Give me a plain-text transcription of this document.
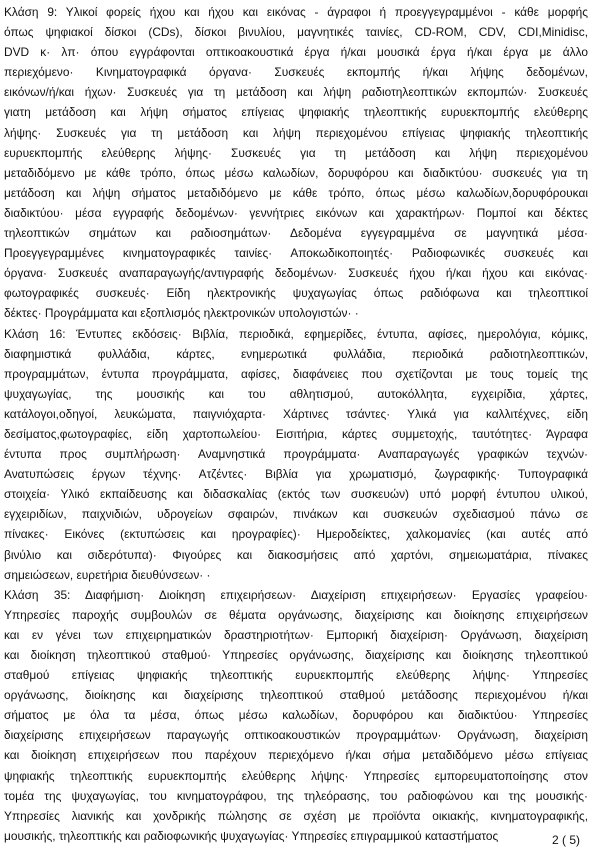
Κλάση 9: Υλικοί φορείς ήχου και ήχου και εικόνας - άγραφοι ή προεγγεγραμμένοι - κάθε μορφής
όπως ψηφιακοί δίσκοι (CDs), δίσκοι βινυλίου, μαγνητικές ταινίες, CD-ROM, CDV, CDI,Minidisc,
DVD κ· λπ· όπου εγγράφονται οπτικοακουστικά έργα ή/και μουσικά έργα ή/και έργα με άλλο
περιεχόμενο· Κινηματογραφικά όργανα· Συσκευές εκπομπής ή/και λήψης δεδομένων,
εικόνων/ή/και ήχων· Συσκευές για τη μετάδοση και λήψη ραδιοτηλεοπτικών εκπομπών· Συσκευές
γιατη μετάδοση και λήψη σήματος επίγειας ψηφιακής τηλεοπτικής ευρυεκπομπής ελεύθερης
λήψης· Συσκευές για τη μετάδοση και λήψη περιεχομένου επίγειας ψηφιακής τηλεοπτικής
ευρυεκπομπής ελεύθερης λήψης· Συσκευές για τη μετάδοση και λήψη περιεχομένου
μεταδιδόμενο με κάθε τρόπο, όπως μέσω καλωδίων, δορυφόρου και διαδικτύου· συσκευές για τη
μετάδοση και λήψη σήματος μεταδιδόμενο με κάθε τρόπο, όπως μέσω καλωδίων,δορυφόρουκαι
διαδικτύου· μέσα εγγραφής δεδομένων· γεννήτριες εικόνων και χαρακτήρων· Πομποί και δέκτες
τηλεοπτικών σημάτων και ραδιοσημάτων· Δεδομένα εγγεγραμμένα σε μαγνητικά μέσα·
Προεγγεγραμμένες κινηματογραφικές ταινίες· Αποκωδικοποιητές· Ραδιοφωνικές συσκευές και
όργανα· Συσκευές αναπαραγωγής/αντιγραφής δεδομένων· Συσκευές ήχου ή/και ήχου και εικόνας·
φωτογραφικές συσκευές· Είδη ηλεκτρονικής ψυχαγωγίας όπως ραδιόφωνα και τηλεοπτικοί
δέκτες· Προγράμματα και εξοπλισμός ηλεκτρονικών υπολογιστών· ·
Κλάση 16: Έντυπες εκδόσεις· Βιβλία, περιοδικά, εφημερίδες, έντυπα, αφίσες, ημερολόγια, κόμικς,
διαφημιστικά φυλλάδια, κάρτες, ενημερωτικά φυλλάδια, περιοδικά ραδιοτηλεοπτικών,
προγραμμάτων, έντυπα προγράμματα, αφίσες, διαφάνειες που σχετίζονται με τους τομείς της
ψυχαγωγίας, της μουσικής και του αθλητισμού, αυτοκόλλητα, εγχειρίδια, χάρτες,
κατάλογοι,οδηγοί, λευκώματα, παιγνιόχαρτα· Χάρτινες τσάντες· Υλικά για καλλιτέχνες, είδη
δεσίματος,φωτογραφίες, είδη χαρτοπωλείου· Εισιτήρια, κάρτες συμμετοχής, ταυτότητες· Άγραφα
έντυπα προς συμπλήρωση· Αναμνηστικά προγράμματα· Αναπαραγωγές γραφικών τεχνών·
Ανατυπώσεις έργων τέχνης· Ατζέντες· Βιβλία για χρωματισμό, ζωγραφικής· Τυπογραφικά
στοιχεία· Υλικό εκπαίδευσης και διδασκαλίας (εκτός των συσκευών) υπό μορφή έντυπου υλικού,
εγχειριδίων, παιχνιδιών, υδρογείων σφαιρών, πινάκων και συσκευών σχεδιασμού πάνω σε
πίνακες· Εικόνες (εκτυπώσεις και ηρογραφίες)· Ημερoδείκτες, χαλκομανίες (και αυτές από
βινύλιο και σιδερότυπα)· Φιγούρες και διακοσμήσεις από χαρτόνι, σημειωματάρια, πίνακες
σημειώσεων, ευρετήρια διευθύνσεων· ·
Κλάση 35: Διαφήμιση· Διοίκηση επιχειρήσεων· Διαχείριση επιχειρήσεων· Εργασίες γραφείου·
Υπηρεσίες παροχής συμβουλών σε θέματα οργάνωσης, διαχείρισης και διοίκησης επιχειρήσεων
και εν γένει των επιχειρηματικών δραστηριοτήτων· Εμπορική διαχείριση· Οργάνωση, διαχείριση
και διοίκηση τηλεοπτικού σταθμού· Υπηρεσίες οργάνωσης, διαχείρισης και διοίκησης τηλεοπτικού
σταθμού επίγειας ψηφιακής τηλεοπτικής ευρυεκπομπής ελεύθερης λήψης· Υπηρεσίες
οργάνωσης, διοίκησης και διαχείρισης τηλεοπτικού σταθμού μετάδοσης περιεχομένου ή/και
σήματος με όλα τα μέσα, όπως μέσω καλωδίων, δορυφόρου και διαδικτύου· Υπηρεσίες
διαχείρισης επιχειρήσεων παραγωγής οπτικοακουστικών προγραμμάτων· Οργάνωση, διαχείριση
και διοίκηση επιχειρήσεων που παρέχουν περιεχόμενο ή/και σήμα μεταδιδόμενο μέσω επίγειας
ψηφιακής τηλεοπτικής ευρυεκπομπής ελεύθερης λήψης· Υπηρεσίες εμπορευματοποίησης στον
τομέα της ψυχαγωγίας, του κινηματογράφου, της τηλεόρασης, του ραδιοφώνου και της μουσικής·
Υπηρεσίες λιανικής και χονδρικής πώλησης σε σχέση με προϊόντα οικιακής, κινηματογραφικής,
μουσικής, τηλεοπτικής και ραδιοφωνικής ψυχαγωγίας· Υπηρεσίες επιγραμμικού καταστήματος	2 ( 5)
